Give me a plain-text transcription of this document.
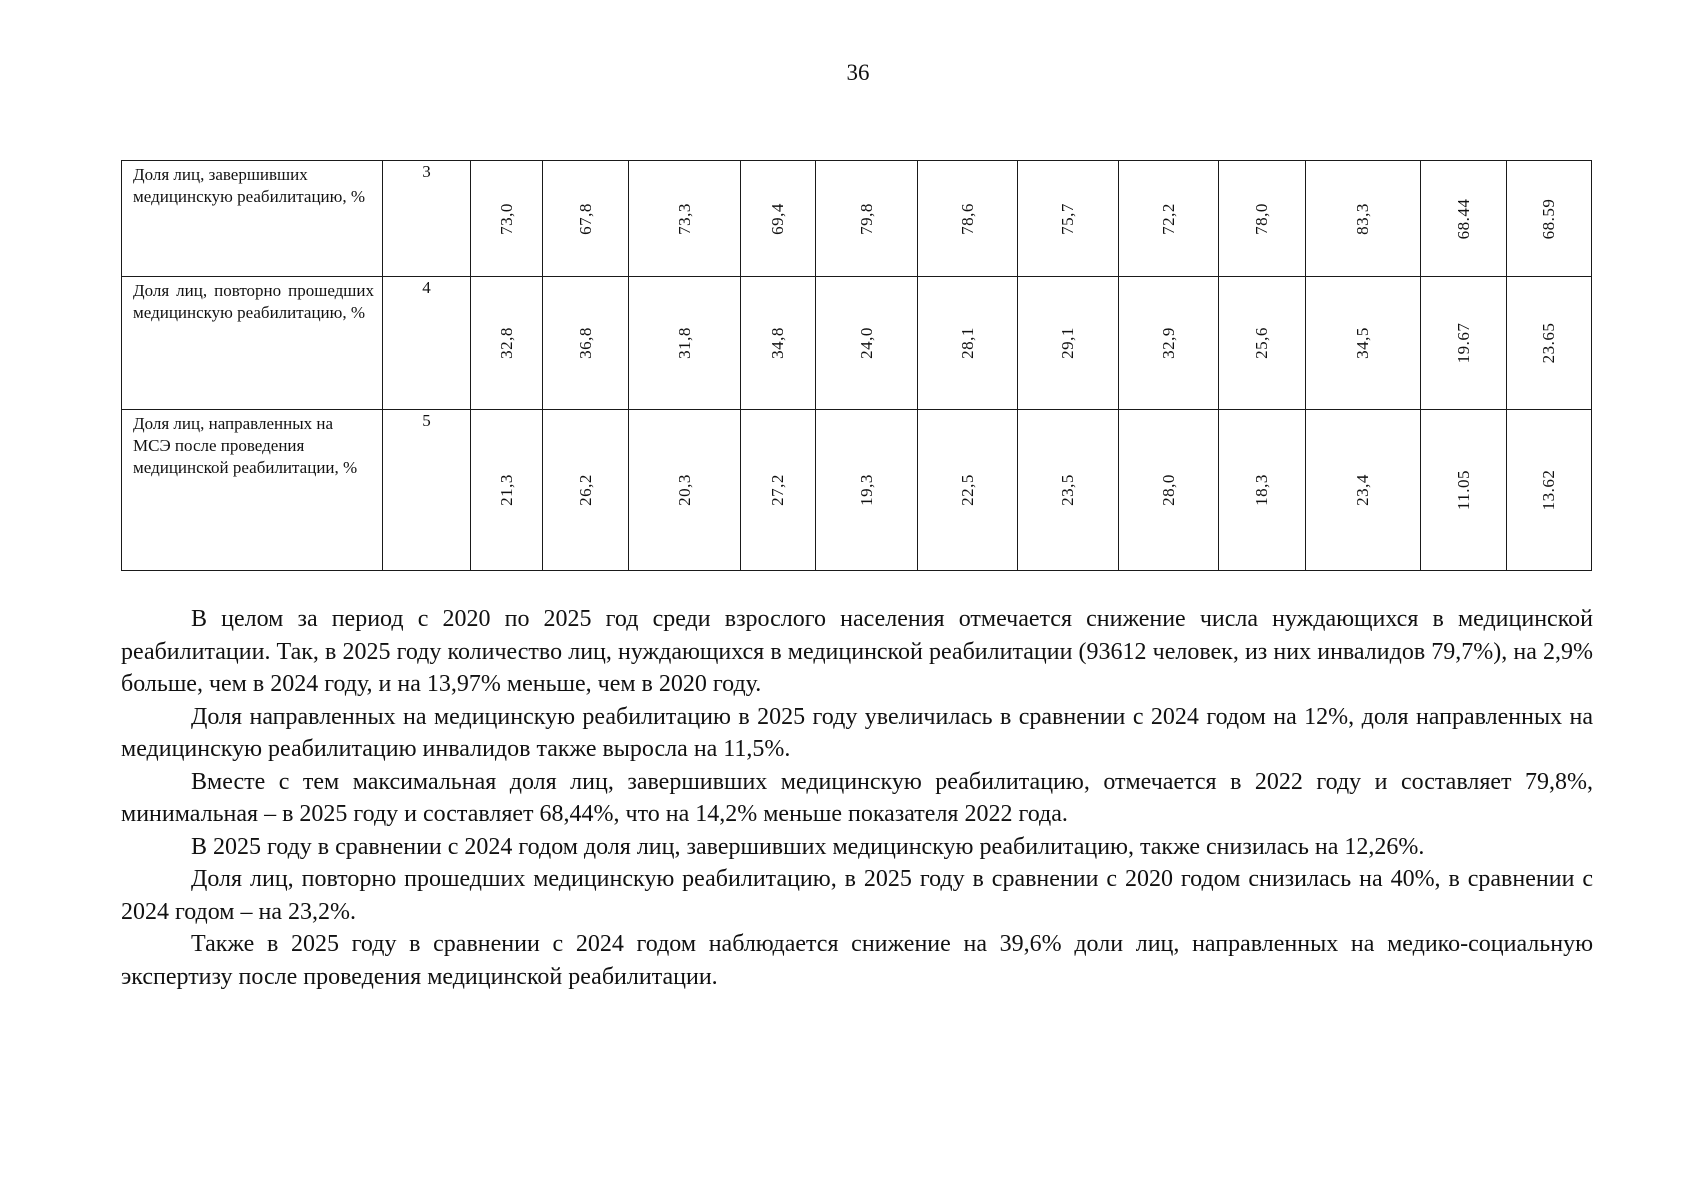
36
Доля лиц, завершивших медицинскую реабилитацию, %	3	73,0	67,8	73,3	69,4	79,8	78,6	75,7	72,2	78,0	83,3	68.44	68.59

Доля лиц, повторно прошедших медицинскую реабилитацию, %	4	32,8	36,8	31,8	34,8	24,0	28,1	29,1	32,9	25,6	34,5	19.67	23.65

Доля лиц, направленных на МСЭ после проведения медицинской реабилитации, %	5	21,3	26,2	20,3	27,2	19,3	22,5	23,5	28,0	18,3	23,4	11.05	13.62

В целом за период с 2020 по 2025 год среди взрослого населения отмечается снижение числа нуждающихся в медицинской реабилитации. Так, в 2025 году количество лиц, нуждающихся в медицинской реабилитации (93612 человек, из них инвалидов 79,7%), на 2,9% больше, чем в 2024 году, и на 13,97% меньше, чем в 2020 году.

Доля направленных на медицинскую реабилитацию в 2025 году увеличилась в сравнении с 2024 годом на 12%, доля направленных на медицинскую реабилитацию инвалидов также выросла на 11,5%.

Вместе с тем максимальная доля лиц, завершивших медицинскую реабилитацию, отмечается в 2022 году и составляет 79,8%, минимальная – в 2025 году и составляет 68,44%, что на 14,2% меньше показателя 2022 года.

В 2025 году в сравнении с 2024 годом доля лиц, завершивших медицинскую реабилитацию, также снизилась на 12,26%.

Доля лиц, повторно прошедших медицинскую реабилитацию, в 2025 году в сравнении с 2020 годом снизилась на 40%, в сравнении с 2024 годом – на 23,2%.

Также в 2025 году в сравнении с 2024 годом наблюдается снижение на 39,6% доли лиц, направленных на медико-социальную экспертизу после проведения медицинской реабилитации.
